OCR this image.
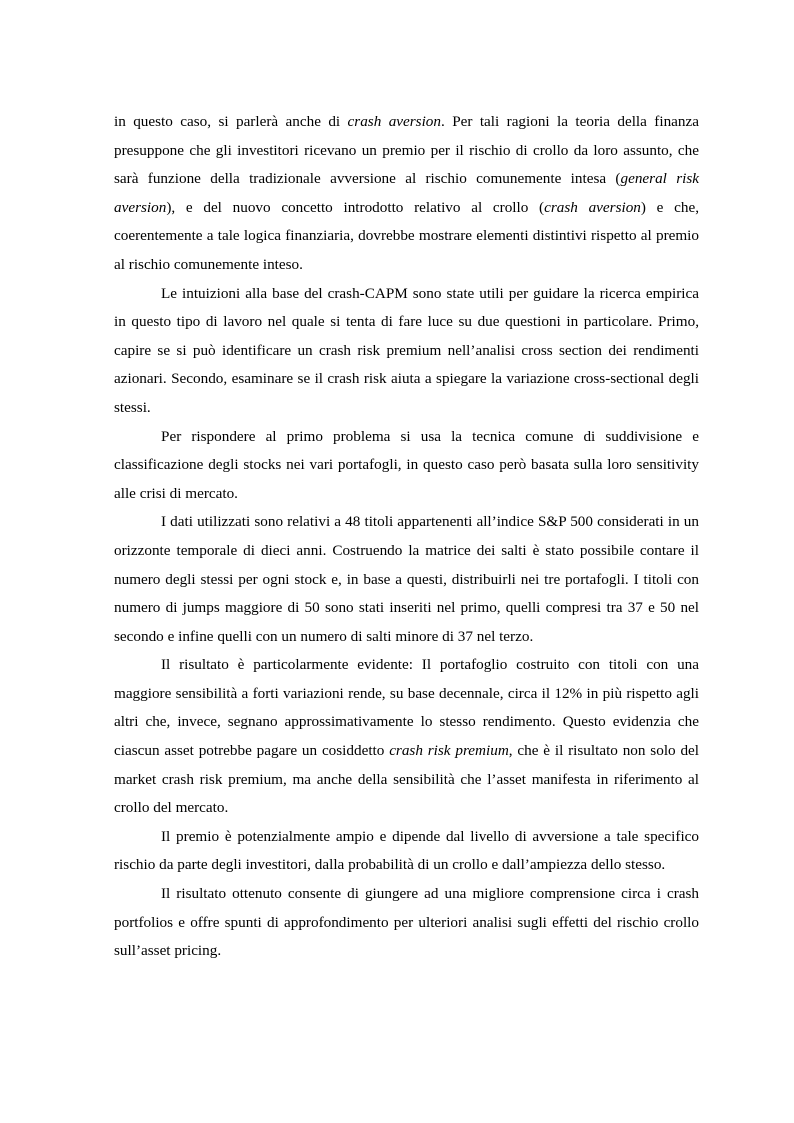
in questo caso, si parlerà anche di crash aversion. Per tali ragioni la teoria della finanza presuppone che gli investitori ricevano un premio per il rischio di crollo da loro assunto, che sarà funzione della tradizionale avversione al rischio comunemente intesa (general risk aversion), e del nuovo concetto introdotto relativo al crollo (crash aversion) e che, coerentemente a tale logica finanziaria, dovrebbe mostrare elementi distintivi rispetto al premio al rischio comunemente inteso.

Le intuizioni alla base del crash-CAPM sono state utili per guidare la ricerca empirica in questo tipo di lavoro nel quale si tenta di fare luce su due questioni in particolare. Primo, capire se si può identificare un crash risk premium nell’analisi cross section dei rendimenti azionari. Secondo, esaminare se il crash risk aiuta a spiegare la variazione cross-sectional degli stessi.

Per rispondere al primo problema si usa la tecnica comune di suddivisione e classificazione degli stocks nei vari portafogli, in questo caso però basata sulla loro sensitivity alle crisi di mercato.

I dati utilizzati sono relativi a 48 titoli appartenenti all’indice S&P 500 considerati in un orizzonte temporale di dieci anni. Costruendo la matrice dei salti è stato possibile contare il numero degli stessi per ogni stock e, in base a questi, distribuirli nei tre portafogli. I titoli con numero di jumps maggiore di 50 sono stati inseriti nel primo, quelli compresi tra 37 e 50 nel secondo e infine quelli con un numero di salti minore di 37 nel terzo.

Il risultato è particolarmente evidente: Il portafoglio costruito con titoli con una maggiore sensibilità a forti variazioni rende, su base decennale, circa il 12% in più rispetto agli altri che, invece, segnano approssimativamente lo stesso rendimento. Questo evidenzia che ciascun asset potrebbe pagare un cosiddetto crash risk premium, che è il risultato non solo del market crash risk premium, ma anche della sensibilità che l’asset manifesta in riferimento al crollo del mercato.

Il premio è potenzialmente ampio e dipende dal livello di avversione a tale specifico rischio da parte degli investitori, dalla probabilità di un crollo e dall’ampiezza dello stesso.

Il risultato ottenuto consente di giungere ad una migliore comprensione circa i crash portfolios e offre spunti di approfondimento per ulteriori analisi sugli effetti del rischio crollo sull’asset pricing.
